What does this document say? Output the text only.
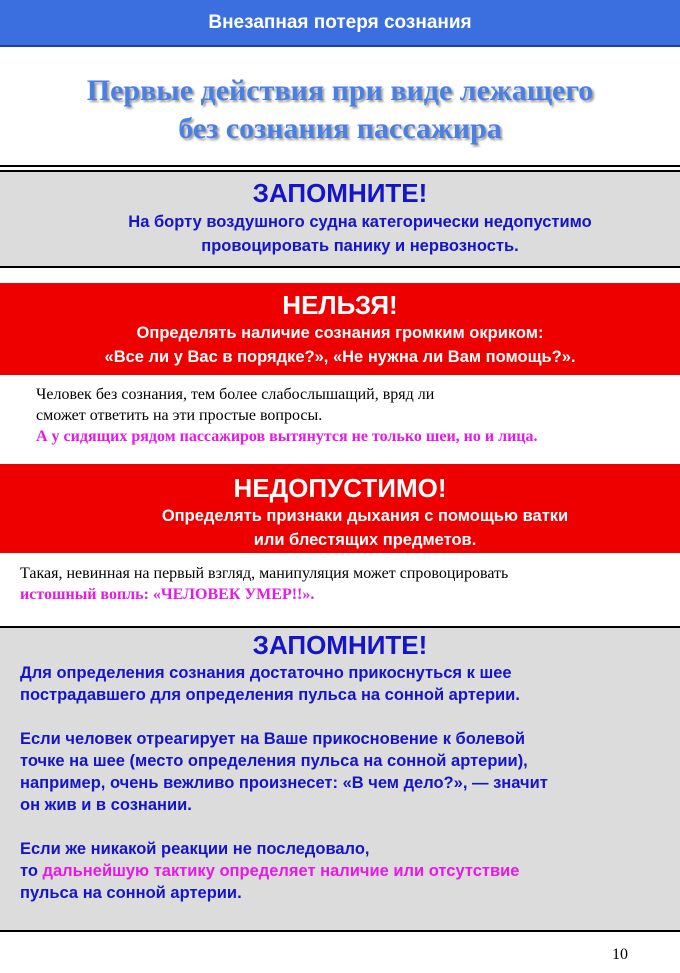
Внезапная потеря сознания
Первые действия при виде лежащего
без сознания пассажира
ЗАПОМНИТЕ!
На борту воздушного судна категорически недопустимо
провоцировать панику и нервозность.
НЕЛЬЗЯ!
Определять наличие сознания громким окриком:
«Все ли у Вас в порядке?», «Не нужна ли Вам помощь?».
Человек без сознания, тем более слабослышащий, вряд ли
сможет ответить на эти простые вопросы.
А у сидящих рядом пассажиров вытянутся не только шеи, но и лица.
НЕДОПУСТИМО!
Определять признаки дыхания с помощью ватки
или блестящих предметов.
Такая, невинная на первый взгляд, манипуляция может спровоцировать
истошный вопль: «ЧЕЛОВЕК УМЕР!!».
ЗАПОМНИТЕ!
Для определения сознания достаточно прикоснуться к шее
пострадавшего для определения пульса на сонной артерии.
Если человек отреагирует на Ваше прикосновение к болевой
точке на шее (место определения пульса на сонной артерии),
например, очень вежливо произнесет: «В чем дело?», — значит
он жив и в сознании.
Если же никакой реакции не последовало,
то дальнейшую тактику определяет наличие или отсутствие
пульса на сонной артерии.
10
